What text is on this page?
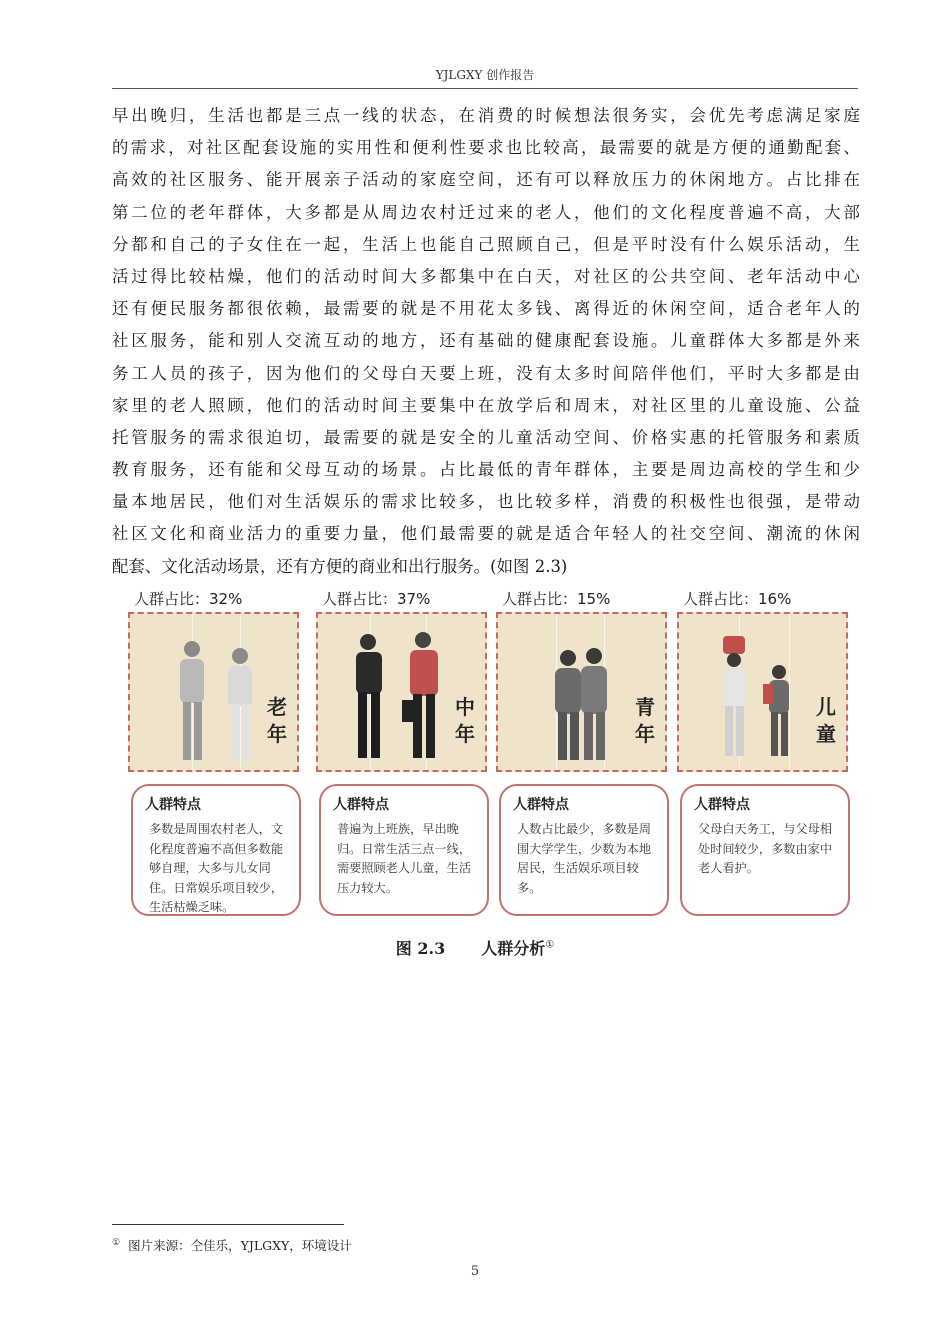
YJLGXY 创作报告
早出晚归，生活也都是三点一线的状态，在消费的时候想法很务实，会优先考虑满足家庭
的需求，对社区配套设施的实用性和便利性要求也比较高，最需要的就是方便的通勤配套、
高效的社区服务、能开展亲子活动的家庭空间，还有可以释放压力的休闲地方。占比排在
第二位的老年群体，大多都是从周边农村迁过来的老人，他们的文化程度普遍不高，大部
分都和自己的子女住在一起，生活上也能自己照顾自己，但是平时没有什么娱乐活动，生
活过得比较枯燥，他们的活动时间大多都集中在白天，对社区的公共空间、老年活动中心
还有便民服务都很依赖，最需要的就是不用花太多钱、离得近的休闲空间，适合老年人的
社区服务，能和别人交流互动的地方，还有基础的健康配套设施。儿童群体大多都是外来
务工人员的孩子，因为他们的父母白天要上班，没有太多时间陪伴他们，平时大多都是由
家里的老人照顾，他们的活动时间主要集中在放学后和周末，对社区里的儿童设施、公益
托管服务的需求很迫切，最需要的就是安全的儿童活动空间、价格实惠的托管服务和素质
教育服务，还有能和父母互动的场景。占比最低的青年群体，主要是周边高校的学生和少
量本地居民，他们对生活娱乐的需求比较多，也比较多样，消费的积极性也很强，是带动
社区文化和商业活力的重要力量，他们最需要的就是适合年轻人的社交空间、潮流的休闲
配套、文化活动场景，还有方便的商业和出行服务。(如图 2.3)
人群占比：32%
老
年
人群特点
多数是周围农村老人，文化程度普遍不高但多数能够自理，大多与儿女同住。日常娱乐项目较少，生活枯燥乏味。
人群占比：37%
中
年
人群特点
普遍为上班族，早出晚归。日常生活三点一线，需要照顾老人儿童，生活压力较大。
人群占比：15%
青
年
人群特点
人数占比最少，多数是周围大学学生，少数为本地居民，生活娱乐项目较多。
人群占比：16%
儿
童
人群特点
父母白天务工，与父母相处时间较少，多数由家中老人看护。
图 2.3 人群分析①
① 图片来源：仝佳乐，YJLGXY，环境设计
5
